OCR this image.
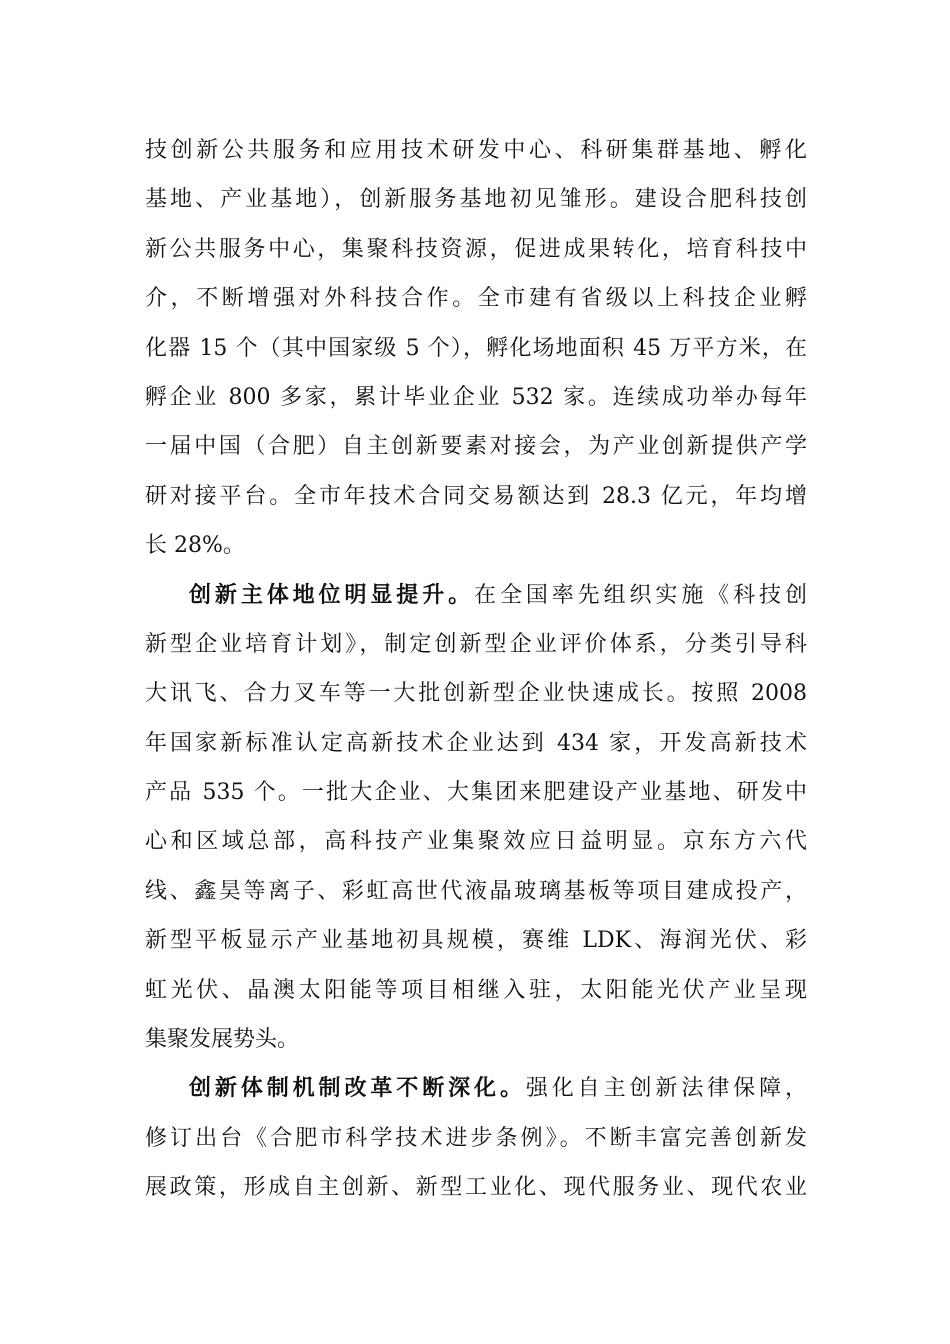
技创新公共服务和应用技术研发中心、科研集群基地、孵化
基地、产业基地），创新服务基地初见雏形。建设合肥科技创
新公共服务中心，集聚科技资源，促进成果转化，培育科技中
介，不断增强对外科技合作。全市建有省级以上科技企业孵
化器 15 个（其中国家级 5 个），孵化场地面积 45 万平方米，在
孵企业 800 多家，累计毕业企业 532 家。连续成功举办每年
一届中国（合肥）自主创新要素对接会，为产业创新提供产学
研对接平台。全市年技术合同交易额达到 28.3 亿元，年均增
长 28%。
创新主体地位明显提升。在全国率先组织实施《科技创
新型企业培育计划》，制定创新型企业评价体系，分类引导科
大讯飞、合力叉车等一大批创新型企业快速成长。按照 2008
年国家新标准认定高新技术企业达到 434 家，开发高新技术
产品 535 个。一批大企业、大集团来肥建设产业基地、研发中
心和区域总部，高科技产业集聚效应日益明显。京东方六代
线、鑫昊等离子、彩虹高世代液晶玻璃基板等项目建成投产，
新型平板显示产业基地初具规模，赛维 LDK、海润光伏、彩
虹光伏、晶澳太阳能等项目相继入驻，太阳能光伏产业呈现
集聚发展势头。
创新体制机制改革不断深化。强化自主创新法律保障，
修订出台《合肥市科学技术进步条例》。不断丰富完善创新发
展政策，形成自主创新、新型工业化、现代服务业、现代农业
